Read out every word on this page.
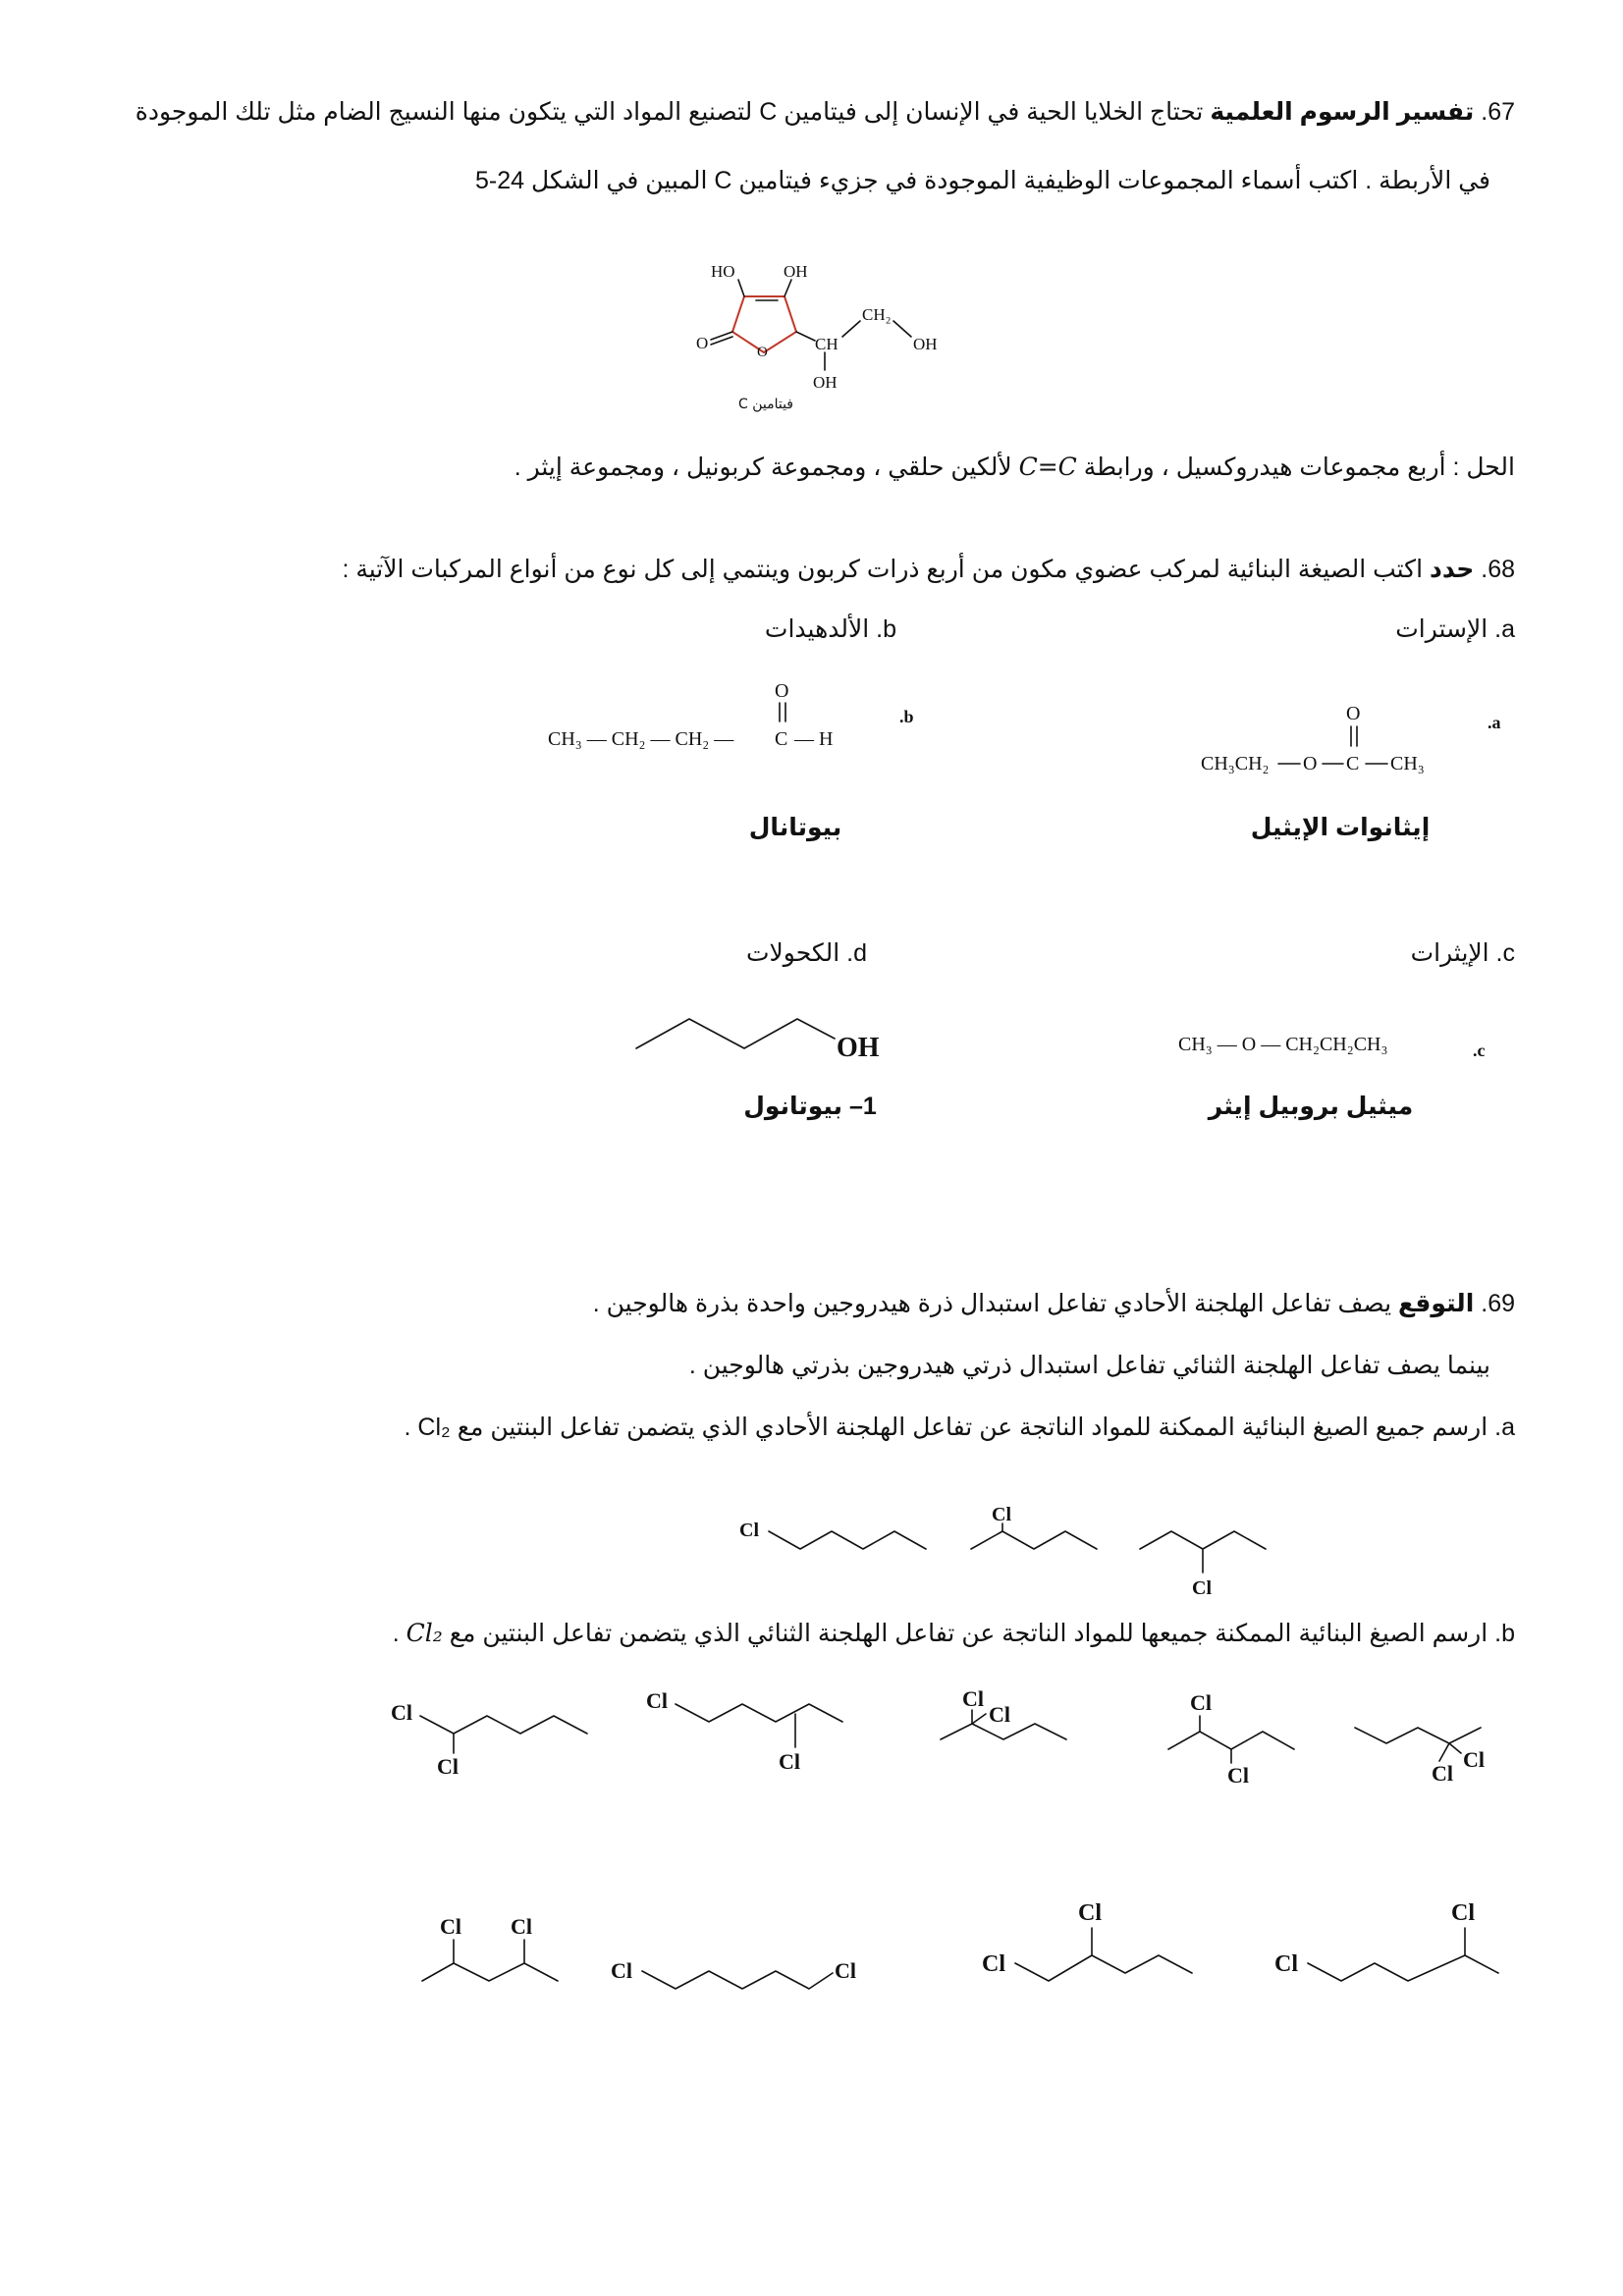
67. تفسير الرسوم العلمية تحتاج الخلايا الحية في الإنسان إلى فيتامين C لتصنيع المواد التي يتكون منها النسيج الضام مثل تلك الموجودة
في الأربطة . اكتب أسماء المجموعات الوظيفية الموجودة في جزيء فيتامين C المبين في الشكل 24-5
HO	OH
O	O	CH
CH₂
OH
OH
فيتامين C
الحل : أربع مجموعات هيدروكسيل ، ورابطة C=C لألكين حلقي ، ومجموعة كربونيل ، ومجموعة إيثر .
68. حدد اكتب الصيغة البنائية لمركب عضوي مكون من أربع ذرات كربون وينتمي إلى كل نوع من أنواع المركبات الآتية :
a. الإسترات
b. الألدهيدات
CH₃CH₂ O C
O
CH₃
.a
CH₃ — CH₂ — CH₂ — C
O
— H
.b
إيثانوات الإيثيل
بيوتانال
c. الإيثرات
d. الكحولات
CH₃ — O — CH₂CH₂CH₃	.c
OH
ميثيل بروبيل إيثر
1– بيوتانول
69. التوقع يصف تفاعل الهلجنة الأحادي تفاعل استبدال ذرة هيدروجين واحدة بذرة هالوجين .
بينما يصف تفاعل الهلجنة الثنائي تفاعل استبدال ذرتي هيدروجين بذرتي هالوجين .
a. ارسم جميع الصيغ البنائية الممكنة للمواد الناتجة عن تفاعل الهلجنة الأحادي الذي يتضمن تفاعل البنتين مع Cl₂ .
Cl
Cl
Cl
b. ارسم الصيغ البنائية الممكنة جميعها للمواد الناتجة عن تفاعل الهلجنة الثنائي الذي يتضمن تفاعل البنتين مع Cl₂ .
Cl
Cl
Cl
Cl
Cl
Cl	Cl
Cl	Cl
Cl
Cl Cl
Cl	Cl	Cl
Cl
Cl
Cl
